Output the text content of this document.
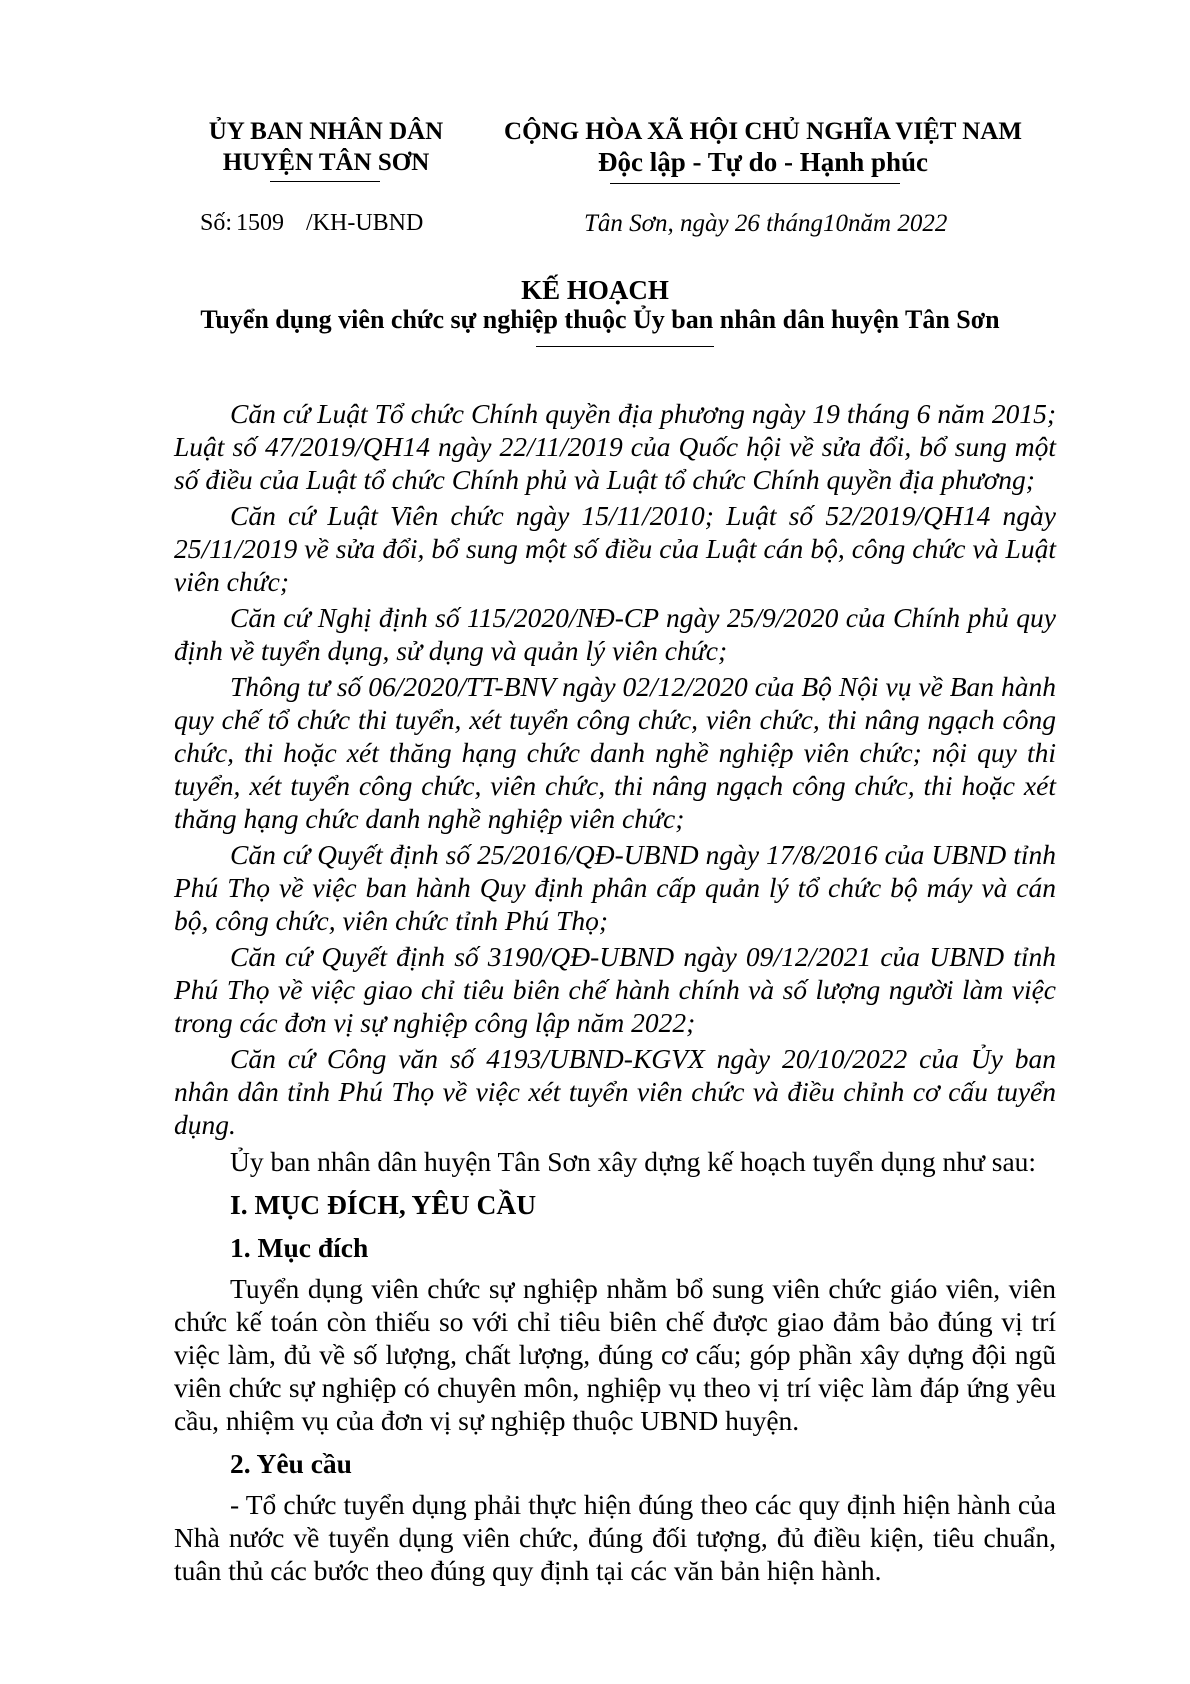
ỦY BAN NHÂN DÂN
HUYỆN TÂN SƠN
CỘNG HÒA XÃ HỘI CHỦ NGHĨA VIỆT NAM
Độc lập - Tự do - Hạnh phúc
Số: 1509 /KH-UBND	Tân Sơn, ngày 26 tháng10năm 2022
KẾ HOẠCH
Tuyển dụng viên chức sự nghiệp thuộc Ủy ban nhân dân huyện Tân Sơn

Căn cứ Luật Tổ chức Chính quyền địa phương ngày 19 tháng 6 năm 2015; Luật số 47/2019/QH14 ngày 22/11/2019 của Quốc hội về sửa đổi, bổ sung một số điều của Luật tổ chức Chính phủ và Luật tổ chức Chính quyền địa phương;

Căn cứ Luật Viên chức ngày 15/11/2010; Luật số 52/2019/QH14 ngày 25/11/2019 về sửa đổi, bổ sung một số điều của Luật cán bộ, công chức và Luật viên chức;

Căn cứ Nghị định số 115/2020/NĐ-CP ngày 25/9/2020 của Chính phủ quy định về tuyển dụng, sử dụng và quản lý viên chức;

Thông tư số 06/2020/TT-BNV ngày 02/12/2020 của Bộ Nội vụ về Ban hành quy chế tổ chức thi tuyển, xét tuyển công chức, viên chức, thi nâng ngạch công chức, thi hoặc xét thăng hạng chức danh nghề nghiệp viên chức; nội quy thi tuyển, xét tuyển công chức, viên chức, thi nâng ngạch công chức, thi hoặc xét thăng hạng chức danh nghề nghiệp viên chức;

Căn cứ Quyết định số 25/2016/QĐ-UBND ngày 17/8/2016 của UBND tỉnh Phú Thọ về việc ban hành Quy định phân cấp quản lý tổ chức bộ máy và cán bộ, công chức, viên chức tỉnh Phú Thọ;

Căn cứ Quyết định số 3190/QĐ-UBND ngày 09/12/2021 của UBND tỉnh Phú Thọ về việc giao chỉ tiêu biên chế hành chính và số lượng người làm việc trong các đơn vị sự nghiệp công lập năm 2022;

Căn cứ Công văn số 4193/UBND-KGVX ngày 20/10/2022 của Ủy ban nhân dân tỉnh Phú Thọ về việc xét tuyển viên chức và điều chỉnh cơ cấu tuyển dụng.

Ủy ban nhân dân huyện Tân Sơn xây dựng kế hoạch tuyển dụng như sau:

I. MỤC ĐÍCH, YÊU CẦU

1. Mục đích

Tuyển dụng viên chức sự nghiệp nhằm bổ sung viên chức giáo viên, viên chức kế toán còn thiếu so với chỉ tiêu biên chế được giao đảm bảo đúng vị trí việc làm, đủ về số lượng, chất lượng, đúng cơ cấu; góp phần xây dựng đội ngũ viên chức sự nghiệp có chuyên môn, nghiệp vụ theo vị trí việc làm đáp ứng yêu cầu, nhiệm vụ của đơn vị sự nghiệp thuộc UBND huyện.

2. Yêu cầu

- Tổ chức tuyển dụng phải thực hiện đúng theo các quy định hiện hành của Nhà nước về tuyển dụng viên chức, đúng đối tượng, đủ điều kiện, tiêu chuẩn, tuân thủ các bước theo đúng quy định tại các văn bản hiện hành.
